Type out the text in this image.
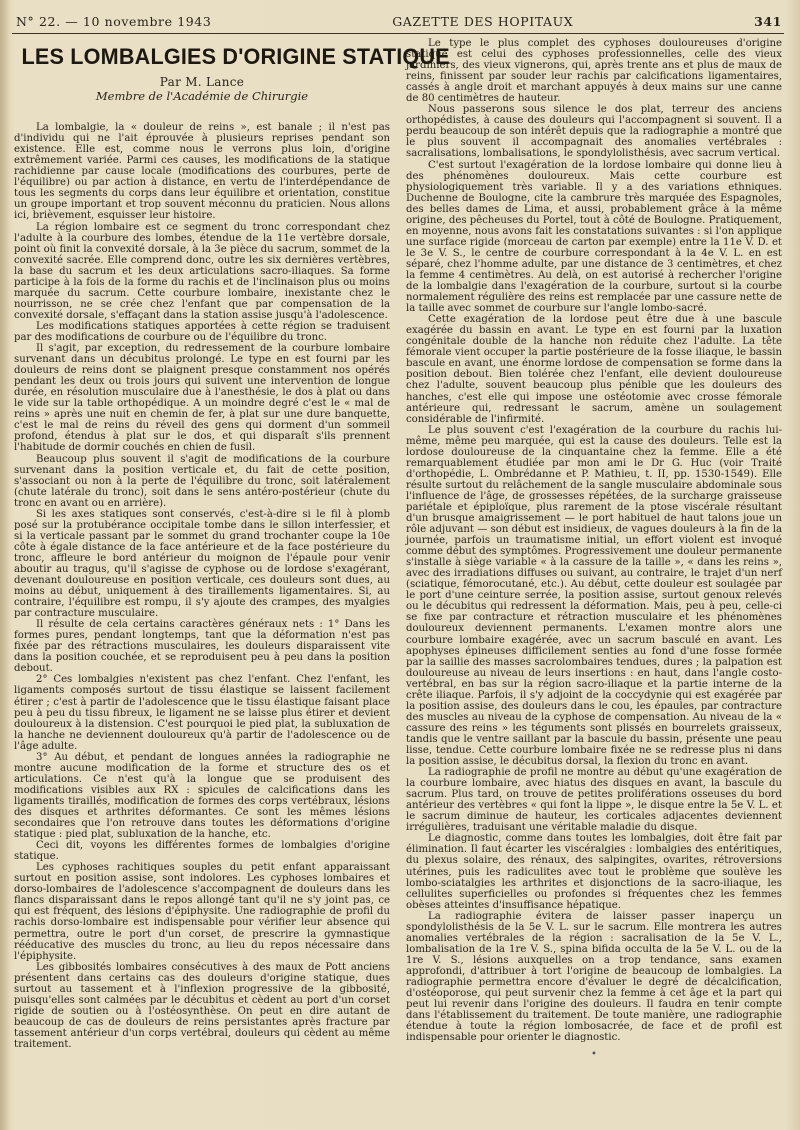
N° 22. — 10 novembre 1943	GAZETTE DES HOPITAUX	341
LES LOMBALGIES D'ORIGINE STATIQUE
Par M. Lance
Membre de l'Académie de Chirurgie

La lombalgie, la « douleur de reins », est banale ; il n'est pas d'individu qui ne l'ait éprouvée à plusieurs reprises pendant son existence. Elle est, comme nous le verrons plus loin, d'origine extrêmement variée. Parmi ces causes, les modifications de la statique rachidienne par cause locale (modifications des courbures, perte de l'équilibre) ou par action à distance, en vertu de l'interdépendance de tous les segments du corps dans leur équilibre et orientation, constitue un groupe important et trop souvent méconnu du praticien. Nous allons ici, brièvement, esquisser leur histoire.

La région lombaire est ce segment du tronc correspondant chez l'adulte à la courbure des lombes, étendue de la 11e vertèbre dorsale, point où finit la convexité dorsale, à la 3e pièce du sacrum, sommet de la convexité sacrée. Elle comprend donc, outre les six dernières vertèbres, la base du sacrum et les deux articulations sacro-iliaques. Sa forme participe à la fois de la forme du rachis et de l'inclinaison plus ou moins marquée du sacrum. Cette courbure lombaire, inexistante chez le nourrisson, ne se crée chez l'enfant que par compensation de la convexité dorsale, s'effaçant dans la station assise jusqu'à l'adolescence.

Les modifications statiques apportées à cette région se traduisent par des modifications de courbure ou de l'équilibre du tronc.

Il s'agit, par exception, du redressement de la courbure lombaire survenant dans un décubitus prolongé. Le type en est fourni par les douleurs de reins dont se plaignent presque constamment nos opérés pendant les deux ou trois jours qui suivent une intervention de longue durée, en résolution musculaire due à l'anesthésie, le dos à plat ou dans le vide sur la table orthopédique. A un moindre degré c'est le « mal de reins » après une nuit en chemin de fer, à plat sur une dure banquette, c'est le mal de reins du réveil des gens qui dorment d'un sommeil profond, étendus à plat sur le dos, et qui disparaît s'ils prennent l'habitude de dormir couchés en chien de fusil.

Beaucoup plus souvent il s'agit de modifications de la courbure survenant dans la position verticale et, du fait de cette position, s'associant ou non à la perte de l'équilibre du tronc, soit latéralement (chute latérale du tronc), soit dans le sens antéro-postérieur (chute du tronc en avant ou en arrière).

Si les axes statiques sont conservés, c'est-à-dire si le fil à plomb posé sur la protubérance occipitale tombe dans le sillon interfessier, et si la verticale passant par le sommet du grand trochanter coupe la 10e côte à égale distance de la face antérieure et de la face postérieure du tronc, affleure le bord antérieur du moignon de l'épaule pour venir aboutir au tragus, qu'il s'agisse de cyphose ou de lordose s'exagérant, devenant douloureuse en position verticale, ces douleurs sont dues, au moins au début, uniquement à des tiraillements ligamentaires. Si, au contraire, l'équilibre est rompu, il s'y ajoute des crampes, des myalgies par contracture musculaire.

Il résulte de cela certains caractères généraux nets : 1° Dans les formes pures, pendant longtemps, tant que la déformation n'est pas fixée par des rétractions musculaires, les douleurs disparaissent vite dans la position couchée, et se reproduisent peu à peu dans la position debout.

2° Ces lombalgies n'existent pas chez l'enfant. Chez l'enfant, les ligaments composés surtout de tissu élastique se laissent facilement étirer ; c'est à partir de l'adolescence que le tissu élastique faisant place peu à peu du tissu fibreux, le ligament ne se laisse plus étirer et devient douloureux à la distension. C'est pourquoi le pied plat, la subluxation de la hanche ne deviennent douloureux qu'à partir de l'adolescence ou de l'âge adulte.

3° Au début, et pendant de longues années la radiographie ne montre aucune modification de la forme et structure des os et articulations. Ce n'est qu'à la longue que se produisent des modifications visibles aux RX : spicules de calcifications dans les ligaments tiraillés, modification de formes des corps vertébraux, lésions des disques et arthrites déformantes. Ce sont les mêmes lésions secondaires que l'on retrouve dans toutes les déformations d'origine statique : pied plat, subluxation de la hanche, etc.

Ceci dit, voyons les différentes formes de lombalgies d'origine statique.

Les cyphoses rachitiques souples du petit enfant apparaissant surtout en position assise, sont indolores. Les cyphoses lombaires et dorso-lombaires de l'adolescence s'accompagnent de douleurs dans les flancs disparaissant dans le repos allongé tant qu'il ne s'y joint pas, ce qui est fréquent, des lésions d'épiphysite. Une radiographie de profil du rachis dorso-lombaire est indispensable pour vérifier leur absence qui permettra, outre le port d'un corset, de prescrire la gymnastique rééducative des muscles du tronc, au lieu du repos nécessaire dans l'épiphysite.

Les gibbosités lombaires consécutives à des maux de Pott anciens présentent dans certains cas des douleurs d'origine statique, dues surtout au tassement et à l'inflexion progressive de la gibbosité, puisqu'elles sont calmées par le décubitus et cèdent au port d'un corset rigide de soutien ou à l'ostéosynthèse. On peut en dire autant de beaucoup de cas de douleurs de reins persistantes après fracture par tassement antérieur d'un corps vertébral, douleurs qui cèdent au même traitement.

Le type le plus complet des cyphoses douloureuses d'origine statique est celui des cyphoses professionnelles, celle des vieux jardiniers, des vieux vignerons, qui, après trente ans et plus de maux de reins, finissent par souder leur rachis par calcifications ligamentaires, cassés à angle droit et marchant appuyés à deux mains sur une canne de 80 centimètres de hauteur.

Nous passerons sous silence le dos plat, terreur des anciens orthopédistes, à cause des douleurs qui l'accompagnent si souvent. Il a perdu beaucoup de son intérêt depuis que la radiographie a montré que le plus souvent il accompagnait des anomalies vertébrales : sacralisations, lombalisations, le spondylolisthésis, avec sacrum vertical.

C'est surtout l'exagération de la lordose lombaire qui donne lieu à des phénomènes douloureux. Mais cette courbure est physiologiquement très variable. Il y a des variations ethniques. Duchenne de Boulogne, cite la cambrure très marquée des Espagnoles, des belles dames de Lima, et aussi, probablement grâce à la même origine, des pêcheuses du Portel, tout à côté de Boulogne. Pratiquement, en moyenne, nous avons fait les constatations suivantes : si l'on applique une surface rigide (morceau de carton par exemple) entre la 11e V. D. et le 3e V. S., le centre de courbure correspondant à la 4e V. L. en est séparé, chez l'homme adulte, par une distance de 3 centimètres, et chez la femme 4 centimètres. Au delà, on est autorisé à rechercher l'origine de la lombalgie dans l'exagération de la courbure, surtout si la courbe normalement régulière des reins est remplacée par une cassure nette de la taille avec sommet de courbure sur l'angle lombo-sacré.

Cette exagération de la lordose peut être due à une bascule exagérée du bassin en avant. Le type en est fourni par la luxation congénitale double de la hanche non réduite chez l'adulte. La tête fémorale vient occuper la partie postérieure de la fosse iliaque, le bassin bascule en avant, une énorme lordose de compensation se forme dans la position debout. Bien tolérée chez l'enfant, elle devient douloureuse chez l'adulte, souvent beaucoup plus pénible que les douleurs des hanches, c'est elle qui impose une ostéotomie avec crosse fémorale antérieure qui, redressant le sacrum, amène un soulagement considérable de l'infirmité.

Le plus souvent c'est l'exagération de la courbure du rachis lui-même, même peu marquée, qui est la cause des douleurs. Telle est la lordose douloureuse de la cinquantaine chez la femme. Elle a été remarquablement étudiée par mon ami le Dr G. Huc (voir Traité d'orthopédie, L. Ombrédanne et P. Mathieu, t. II, pp. 1530-1549). Elle résulte surtout du relâchement de la sangle musculaire abdominale sous l'influence de l'âge, de grossesses répétées, de la surcharge graisseuse pariétale et épiploïque, plus rarement de la ptose viscérale résultant d'un brusque amaigrissement — le port habituel de haut talons joue un rôle adjuvant — son début est insidieux, de vagues douleurs à la fin de la journée, parfois un traumatisme initial, un effort violent est invoqué comme début des symptômes. Progressivement une douleur permanente s'installe à siège variable « à la cassure de la taille », « dans les reins », avec des irradiations diffuses ou suivant, au contraire, le trajet d'un nerf (sciatique, fémorocutané, etc.). Au début, cette douleur est soulagée par le port d'une ceinture serrée, la position assise, surtout genoux relevés ou le décubitus qui redressent la déformation. Mais, peu à peu, celle-ci se fixe par contracture et rétraction musculaire et les phénomènes douloureux deviennent permanents. L'examen montre alors une courbure lombaire exagérée, avec un sacrum basculé en avant. Les apophyses épineuses difficilement senties au fond d'une fosse formée par la saillie des masses sacrolombaires tendues, dures ; la palpation est douloureuse au niveau de leurs insertions : en haut, dans l'angle costo-vertébral, en bas sur la région sacro-iliaque et la partie interne de la crête iliaque. Parfois, il s'y adjoint de la coccydynie qui est exagérée par la position assise, des douleurs dans le cou, les épaules, par contracture des muscles au niveau de la cyphose de compensation. Au niveau de la « cassure des reins » les téguments sont plissés en bourrelets graisseux, tandis que le ventre saillant par la bascule du bassin, présente une peau lisse, tendue. Cette courbure lombaire fixée ne se redresse plus ni dans la position assise, le décubitus dorsal, la flexion du tronc en avant.

La radiographie de profil ne montre au début qu'une exagération de la courbure lombaire, avec hiatus des disques en avant, la bascule du sacrum. Plus tard, on trouve de petites proliférations osseuses du bord antérieur des vertèbres « qui font la lippe », le disque entre la 5e V. L. et le sacrum diminue de hauteur, les corticales adjacentes deviennent irrégulières, traduisant une véritable maladie du disque.

Le diagnostic, comme dans toutes les lombalgies, doit être fait par élimination. Il faut écarter les viscéralgies : lombalgies des entéritiques, du plexus solaire, des rénaux, des salpingites, ovarites, rétroversions utérines, puis les radiculites avec tout le problème que soulève les lombo-sciatalgies les arthrites et disjonctions de la sacro-iliaque, les cellulites superficielles ou profondes si fréquentes chez les femmes obèses atteintes d'insuffisance hépatique.

La radiographie évitera de laisser passer inaperçu un spondylolisthésis de la 5e V. L. sur le sacrum. Elle montrera les autres anomalies vertébrales de la région : sacralisation de la 5e V. L., lombalisation de la 1re V. S., spina bifida occulta de la 5e V. L. ou de la 1re V. S., lésions auxquelles on a trop tendance, sans examen approfondi, d'attribuer à tort l'origine de beaucoup de lombalgies. La radiographie permettra encore d'évaluer le degré de décalcification, d'ostéoporose, qui peut survenir chez la femme à cet âge et la part qui peut lui revenir dans l'origine des douleurs. Il faudra en tenir compte dans l'établissement du traitement. De toute manière, une radiographie étendue à toute la région lombosacrée, de face et de profil est indispensable pour orienter le diagnostic.

•
